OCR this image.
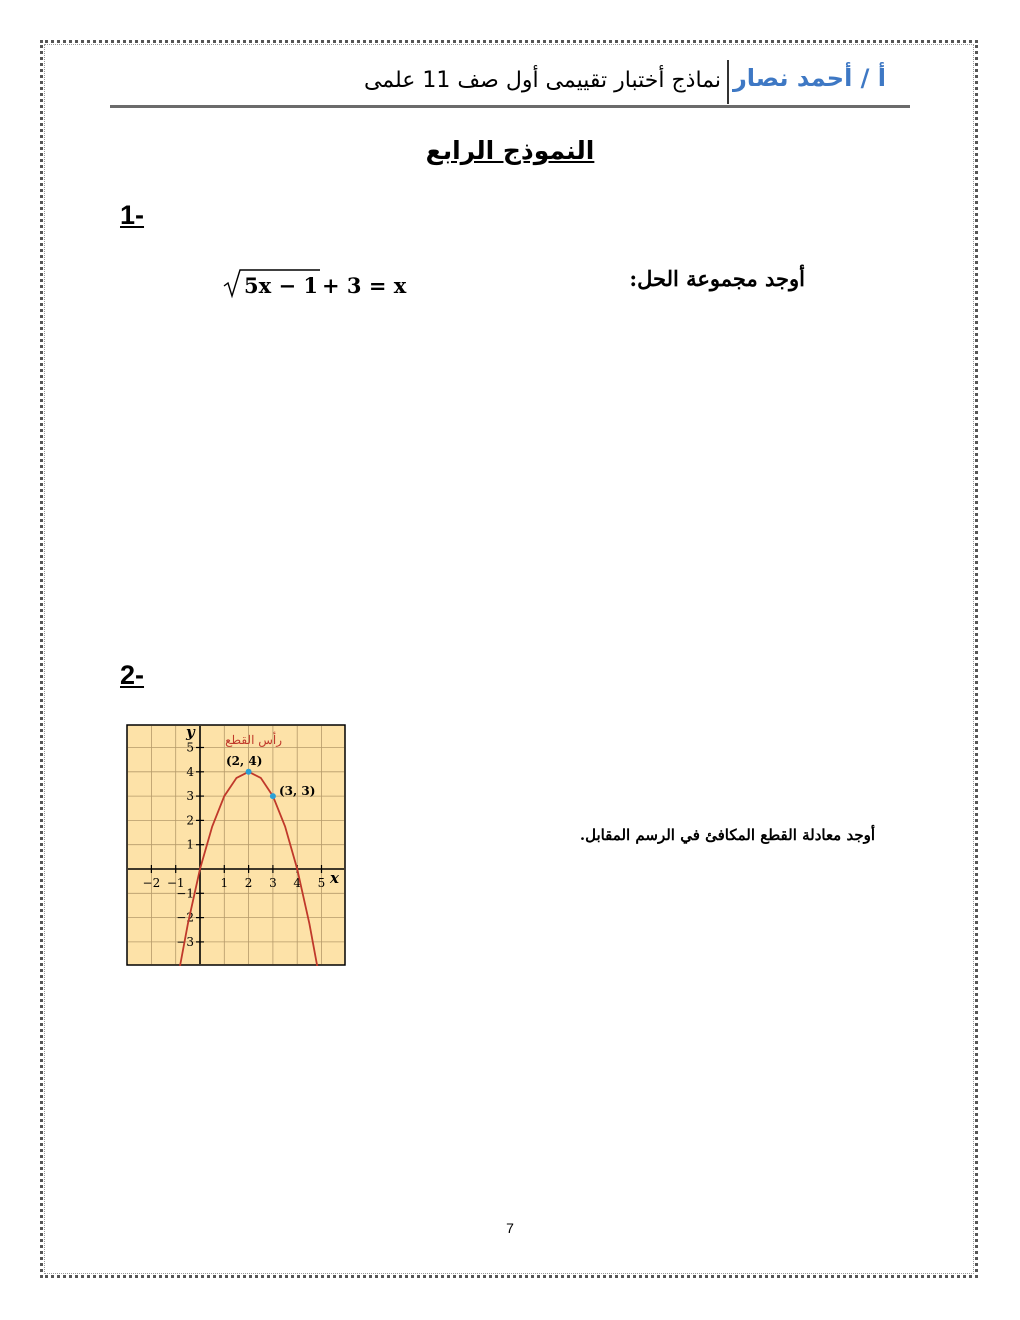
أ / أحمد نصار
نماذج أختبار تقييمى أول صف 11 علمى
النموذج الرابع
1-
أوجد مجموعة الحل:
5x − 1 + 3 = x
2-
أوجد معادلة القطع المكافئ في الرسم المقابل.
−2 −1	1 2 3 4 5
5
4
3
2
1
−1
−2
−3
رأس القطع
(2, 4)
(3, 3)
x
y
7
